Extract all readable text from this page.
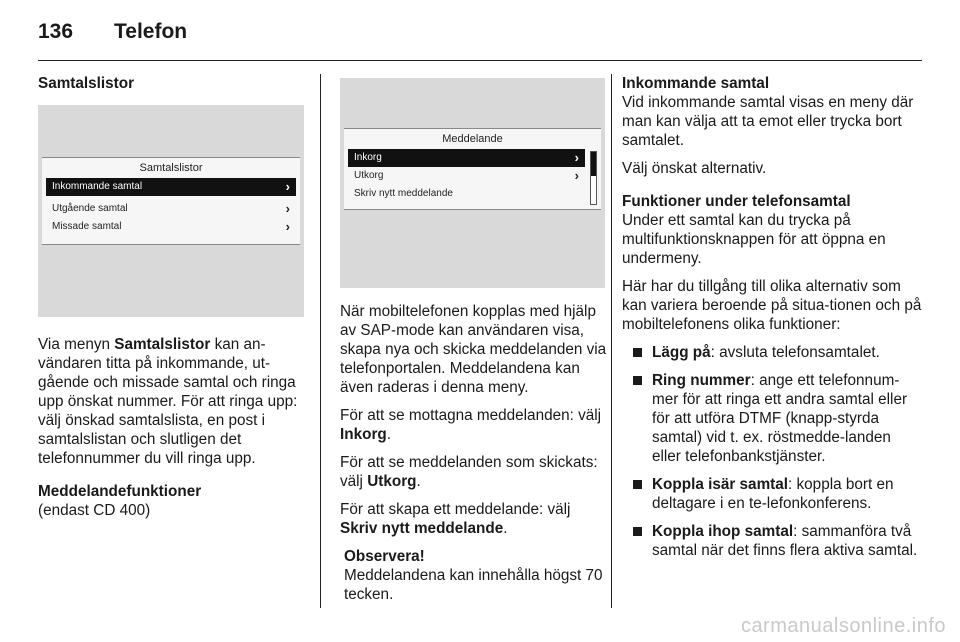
136	Telefon
Samtalslistor
Samtalslistor
Inkommande samtal	›
Utgående samtal	›
Missade samtal	›

Via menyn Samtalslistor kan an-vändaren titta på inkommande, ut-gående och missade samtal och ringa upp önskat nummer. För att ringa upp: välj önskad samtalslista, en post i samtalslistan och slutligen det telefonnummer du vill ringa upp.

Meddelandefunktioner
(endast CD 400)
Meddelande
Inkorg	›
Utkorg	›
Skriv nytt meddelande

När mobiltelefonen kopplas med hjälp av SAP-mode kan användaren visa, skapa nya och skicka meddelanden via telefonportalen. Meddelandena kan även raderas i denna meny.

För att se mottagna meddelanden: välj Inkorg.

För att se meddelanden som skickats: välj Utkorg.

För att skapa ett meddelande: välj Skriv nytt meddelande.

Observera!
Meddelandena kan innehålla högst 70 tecken.
Inkommande samtal

Vid inkommande samtal visas en meny där man kan välja att ta emot eller trycka bort samtalet.

Välj önskat alternativ.

Funktioner under telefonsamtal

Under ett samtal kan du trycka på multifunktionsknappen för att öppna en undermeny.

Här har du tillgång till olika alternativ som kan variera beroende på situa-tionen och på mobiltelefonens olika funktioner:

Lägg på: avsluta telefonsamtalet.
Ring nummer: ange ett telefonnum-mer för att ringa ett andra samtal eller för att utföra DTMF (knapp-styrda samtal) vid t. ex. röstmedde-landen eller telefonbankstjänster.
Koppla isär samtal: koppla bort en deltagare i en te-lefonkonferens.
Koppla ihop samtal: sammanföra två samtal när det finns flera aktiva samtal.
carmanualsonline.info
